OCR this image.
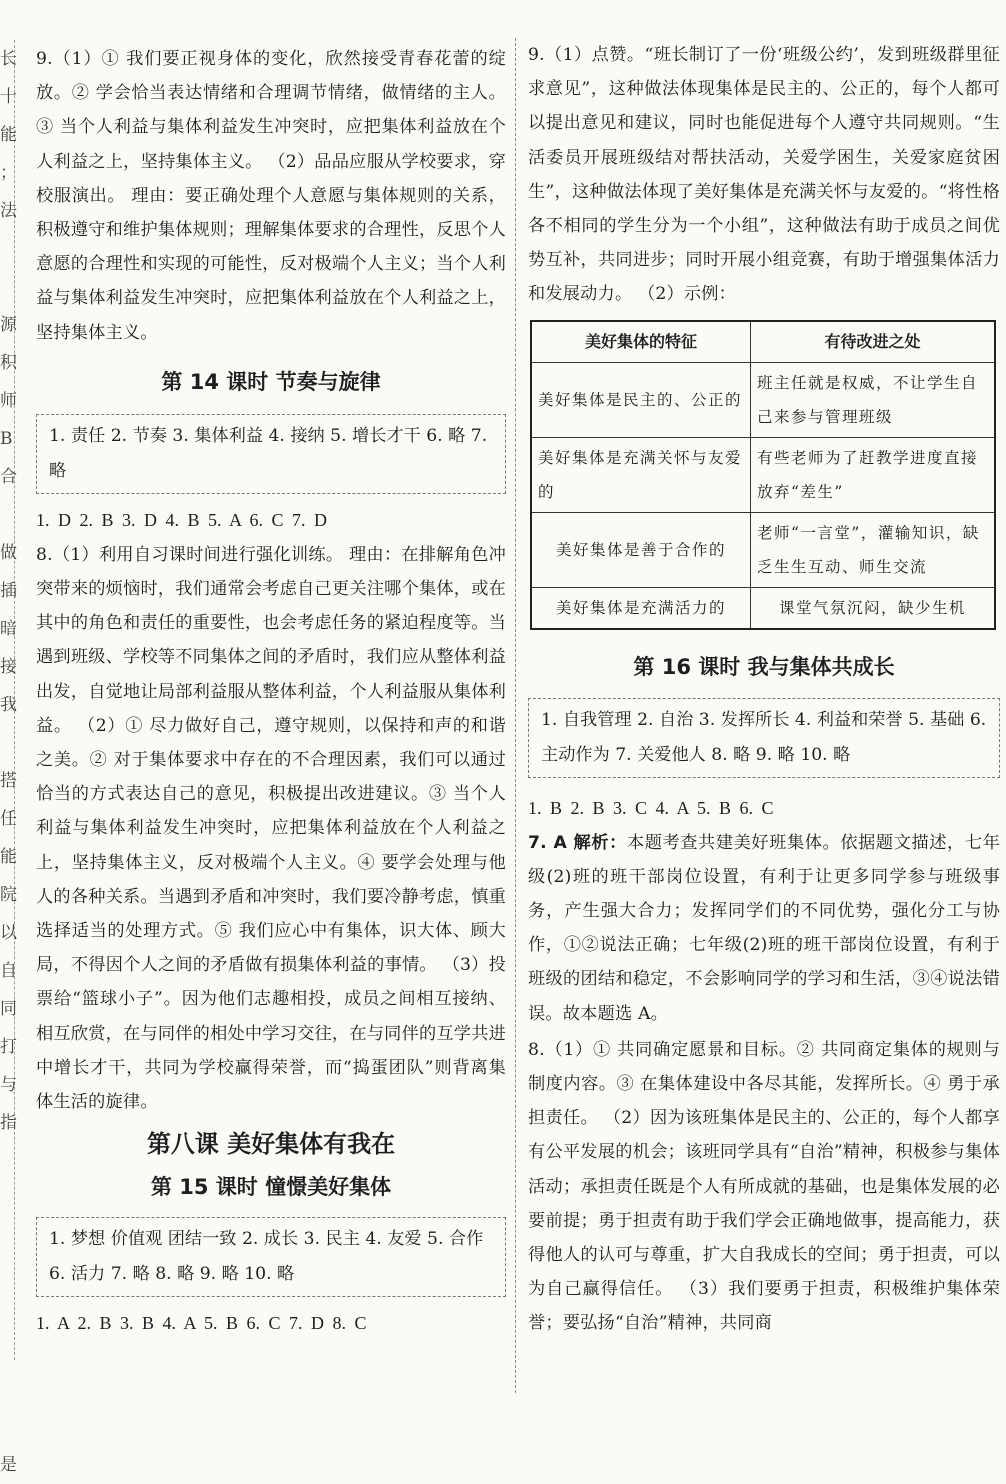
长
十
能
；
法

源
积
师
B
合

做
插
暗
接
我

搭
任
能
院
以
自
同
打
与
指

是

9.（1）① 我们要正视身体的变化，欣然接受青春花蕾的绽放。② 学会恰当表达情绪和合理调节情绪，做情绪的主人。③ 当个人利益与集体利益发生冲突时，应把集体利益放在个人利益之上，坚持集体主义。 （2）品品应服从学校要求，穿校服演出。 理由：要正确处理个人意愿与集体规则的关系，积极遵守和维护集体规则；理解集体要求的合理性，反思个人意愿的合理性和实现的可能性，反对极端个人主义；当个人利益与集体利益发生冲突时，应把集体利益放在个人利益之上，坚持集体主义。

第 14 课时 节奏与旋律
1. 责任 2. 节奏 3. 集体利益 4. 接纳 5. 增长才干 6. 略 7. 略

1. D 2. B 3. D 4. B 5. A 6. C 7. D

8.（1）利用自习课时间进行强化训练。 理由：在排解角色冲突带来的烦恼时，我们通常会考虑自己更关注哪个集体，或在其中的角色和责任的重要性，也会考虑任务的紧迫程度等。当遇到班级、学校等不同集体之间的矛盾时，我们应从整体利益出发，自觉地让局部利益服从整体利益，个人利益服从集体利益。 （2）① 尽力做好自己，遵守规则，以保持和声的和谐之美。② 对于集体要求中存在的不合理因素，我们可以通过恰当的方式表达自己的意见，积极提出改进建议。③ 当个人利益与集体利益发生冲突时，应把集体利益放在个人利益之上，坚持集体主义，反对极端个人主义。④ 要学会处理与他人的各种关系。当遇到矛盾和冲突时，我们要冷静考虑，慎重选择适当的处理方式。⑤ 我们应心中有集体，识大体、顾大局，不得因个人之间的矛盾做有损集体利益的事情。 （3）投票给“篮球小子”。因为他们志趣相投，成员之间相互接纳、相互欣赏，在与同伴的相处中学习交往，在与同伴的互学共进中增长才干，共同为学校赢得荣誉，而“捣蛋团队”则背离集体生活的旋律。

第八课 美好集体有我在
第 15 课时 憧憬美好集体
1. 梦想 价值观 团结一致 2. 成长 3. 民主 4. 友爱 5. 合作 6. 活力 7. 略 8. 略 9. 略 10. 略

1. A 2. B 3. B 4. A 5. B 6. C 7. D 8. C

9.（1）点赞。“班长制订了一份‘班级公约’，发到班级群里征求意见”，这种做法体现集体是民主的、公正的，每个人都可以提出意见和建议，同时也能促进每个人遵守共同规则。“生活委员开展班级结对帮扶活动，关爱学困生，关爱家庭贫困生”，这种做法体现了美好集体是充满关怀与友爱的。“将性格各不相同的学生分为一个小组”，这种做法有助于成员之间优势互补，共同进步；同时开展小组竞赛，有助于增强集体活力和发展动力。 （2）示例：

美好集体的特征	有待改进之处
美好集体是民主的、公正的	班主任就是权威，不让学生自己来参与管理班级
美好集体是充满关怀与友爱的	有些老师为了赶教学进度直接放弃“差生”
美好集体是善于合作的	老师“一言堂”，灌输知识，缺乏生生互动、师生交流
美好集体是充满活力的	课堂气氛沉闷，缺少生机
第 16 课时 我与集体共成长
1. 自我管理 2. 自治 3. 发挥所长 4. 利益和荣誉 5. 基础 6. 主动作为 7. 关爱他人 8. 略 9. 略 10. 略

1. B 2. B 3. C 4. A 5. B 6. C

7. A 解析：本题考查共建美好班集体。依据题文描述，七年级(2)班的班干部岗位设置，有利于让更多同学参与班级事务，产生强大合力；发挥同学们的不同优势，强化分工与协作，①②说法正确；七年级(2)班的班干部岗位设置，有利于班级的团结和稳定，不会影响同学的学习和生活，③④说法错误。故本题选 A。

8.（1）① 共同确定愿景和目标。② 共同商定集体的规则与制度内容。③ 在集体建设中各尽其能，发挥所长。④ 勇于承担责任。 （2）因为该班集体是民主的、公正的，每个人都享有公平发展的机会；该班同学具有“自治”精神，积极参与集体活动；承担责任既是个人有所成就的基础，也是集体发展的必要前提；勇于担责有助于我们学会正确地做事，提高能力，获得他人的认可与尊重，扩大自我成长的空间；勇于担责，可以为自己赢得信任。 （3）我们要勇于担责，积极维护集体荣誉；要弘扬“自治”精神，共同商
